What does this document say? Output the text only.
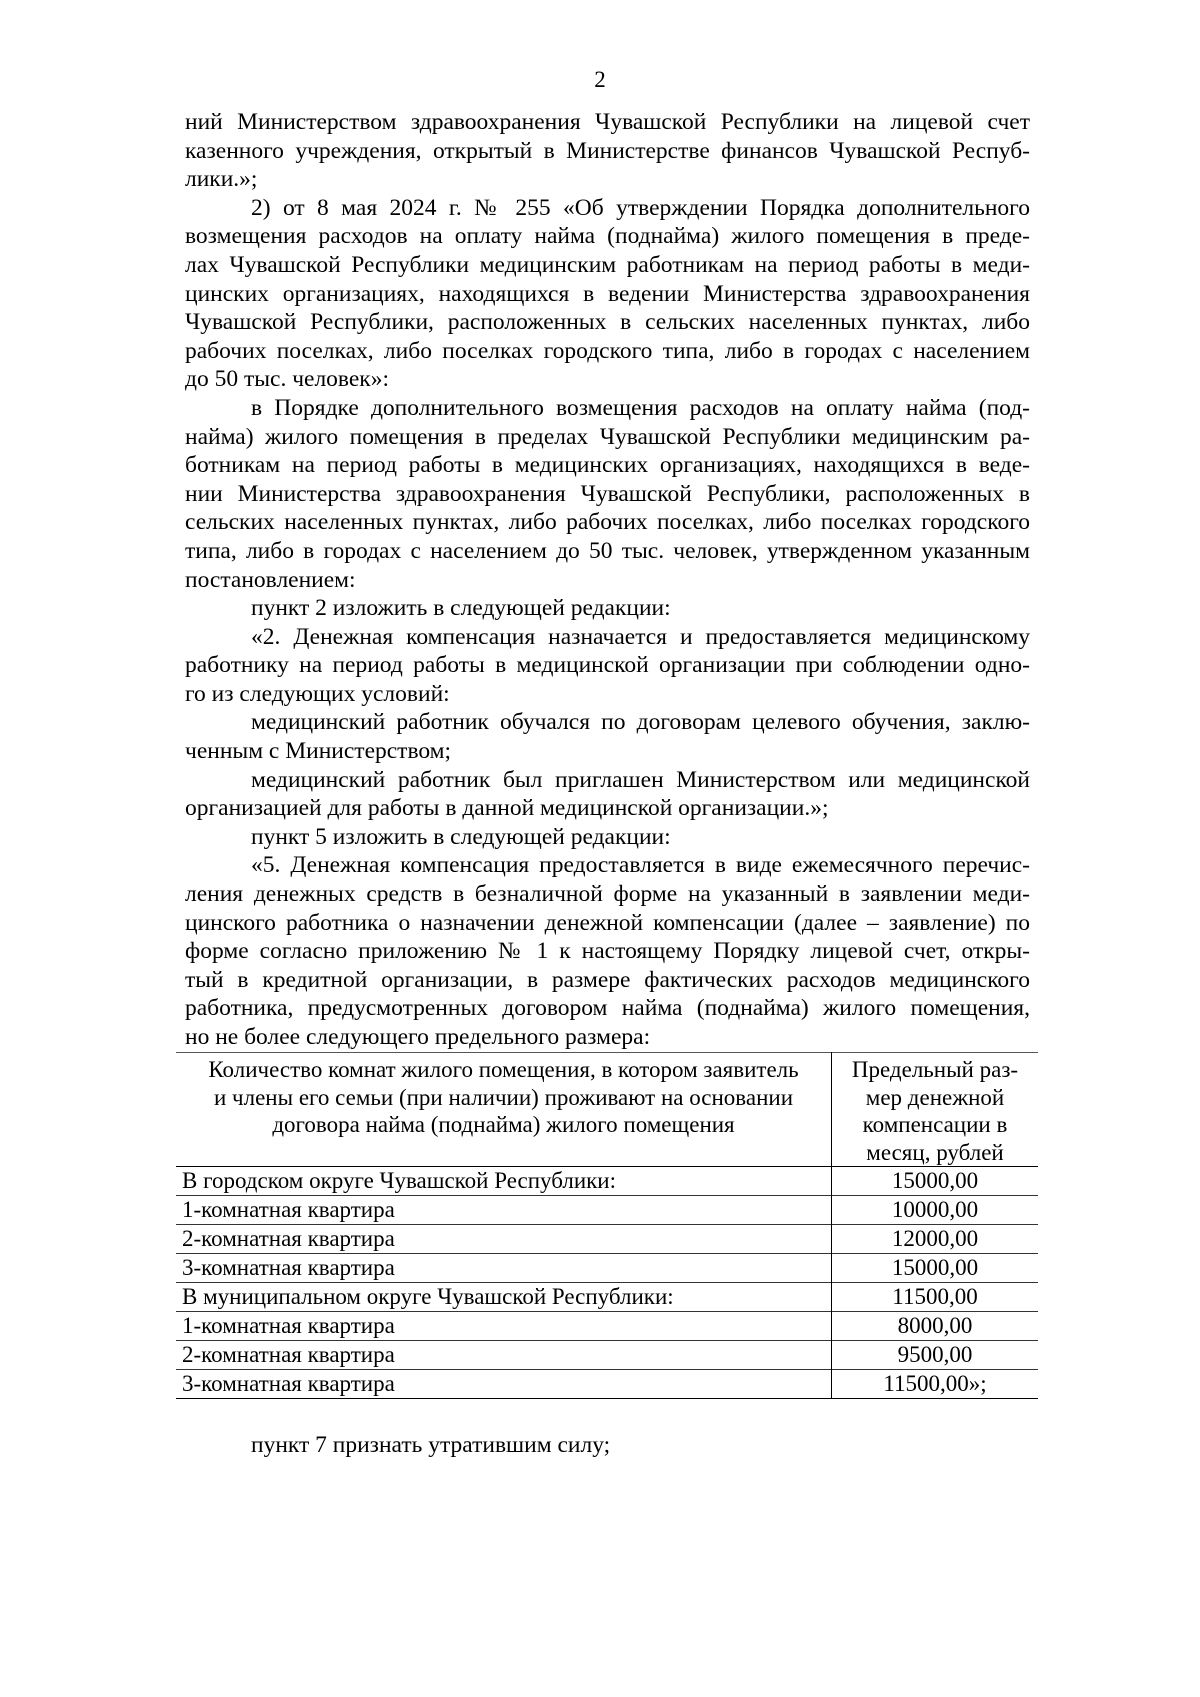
2
ний Министерством здравоохранения Чувашской Республики на лицевой счет
казенного учреждения, открытый в Министерстве финансов Чувашской Респуб-
лики.»;
2) от 8 мая 2024 г. № 255 «Об утверждении Порядка дополнительного
возмещения расходов на оплату найма (поднайма) жилого помещения в преде-
лах Чувашской Республики медицинским работникам на период работы в меди-
цинских организациях, находящихся в ведении Министерства здравоохранения
Чувашской Республики, расположенных в сельских населенных пунктах, либо
рабочих поселках, либо поселках городского типа, либо в городах с населением
до 50 тыс. человек»:
в Порядке дополнительного возмещения расходов на оплату найма (под-
найма) жилого помещения в пределах Чувашской Республики медицинским ра-
ботникам на период работы в медицинских организациях, находящихся в веде-
нии Министерства здравоохранения Чувашской Республики, расположенных в
сельских населенных пунктах, либо рабочих поселках, либо поселках городского
типа, либо в городах с населением до 50 тыс. человек, утвержденном указанным
постановлением:
пункт 2 изложить в следующей редакции:
«2. Денежная компенсация назначается и предоставляется медицинскому
работнику на период работы в медицинской организации при соблюдении одно-
го из следующих условий:
медицинский работник обучался по договорам целевого обучения, заклю-
ченным с Министерством;
медицинский работник был приглашен Министерством или медицинской
организацией для работы в данной медицинской организации.»;
пункт 5 изложить в следующей редакции:
«5. Денежная компенсация предоставляется в виде ежемесячного перечис-
ления денежных средств в безналичной форме на указанный в заявлении меди-
цинского работника о назначении денежной компенсации (далее – заявление) по
форме согласно приложению № 1 к настоящему Порядку лицевой счет, откры-
тый в кредитной организации, в размере фактических расходов медицинского
работника, предусмотренных договором найма (поднайма) жилого помещения,
но не более следующего предельного размера:
Количество комнат жилого помещения, в котором заявитель
и члены его семьи (при наличии) проживают на основании
договора найма (поднайма) жилого помещения

Предельный раз-
мер денежной
компенсации в
месяц, рублей

В городском округе Чувашской Республики:	15000,00
1-комнатная квартира	10000,00
2-комнатная квартира	12000,00
3-комнатная квартира	15000,00
В муниципальном округе Чувашской Республики:	11500,00
1-комнатная квартира	8000,00
2-комнатная квартира	9500,00
3-комнатная квартира	11500,00»;
пункт 7 признать утратившим силу;
